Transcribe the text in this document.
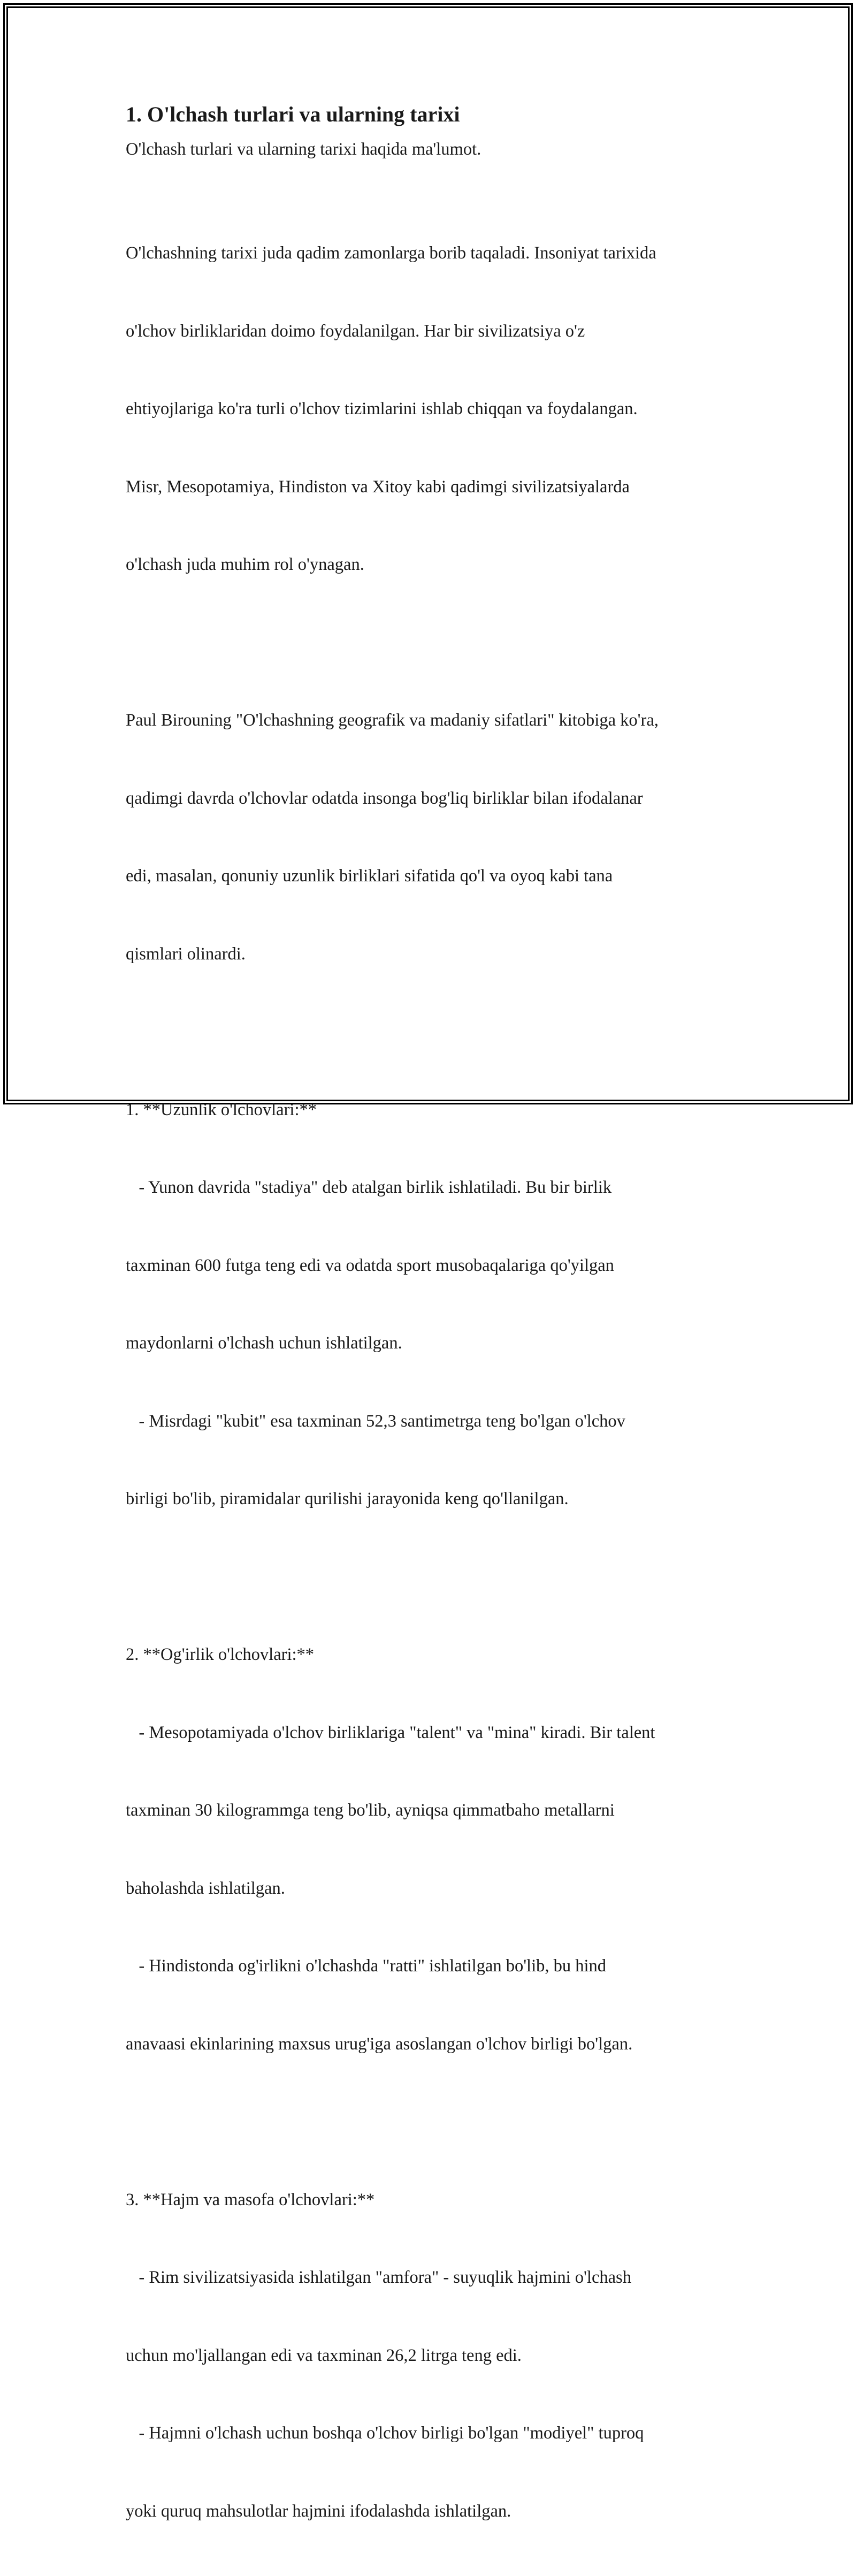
1. O'lchash turlari va ularning tarixi

O'lchash turlari va ularning tarixi haqida ma'lumot.

O'lchashning tarixi juda qadim zamonlarga borib taqaladi. Insoniyat tarixida

o'lchov birliklaridan doimo foydalanilgan. Har bir sivilizatsiya o'z

ehtiyojlariga ko'ra turli o'lchov tizimlarini ishlab chiqqan va foydalangan.

Misr, Mesopotamiya, Hindiston va Xitoy kabi qadimgi sivilizatsiyalarda

o'lchash juda muhim rol o'ynagan.

Paul Birouning "O'lchashning geografik va madaniy sifatlari" kitobiga ko'ra,

qadimgi davrda o'lchovlar odatda insonga bog'liq birliklar bilan ifodalanar

edi, masalan, qonuniy uzunlik birliklari sifatida qo'l va oyoq kabi tana

qismlari olinardi.

1. **Uzunlik o'lchovlari:**

- Yunon davrida "stadiya" deb atalgan birlik ishlatiladi. Bu bir birlik

taxminan 600 futga teng edi va odatda sport musobaqalariga qo'yilgan

maydonlarni o'lchash uchun ishlatilgan.

- Misrdagi "kubit" esa taxminan 52,3 santimetrga teng bo'lgan o'lchov

birligi bo'lib, piramidalar qurilishi jarayonida keng qo'llanilgan.

2. **Og'irlik o'lchovlari:**

- Mesopotamiyada o'lchov birliklariga "talent" va "mina" kiradi. Bir talent

taxminan 30 kilogrammga teng bo'lib, ayniqsa qimmatbaho metallarni

baholashda ishlatilgan.

- Hindistonda og'irlikni o'lchashda "ratti" ishlatilgan bo'lib, bu hind

anavaasi ekinlarining maxsus urug'iga asoslangan o'lchov birligi bo'lgan.

3. **Hajm va masofa o'lchovlari:**

- Rim sivilizatsiyasida ishlatilgan "amfora" - suyuqlik hajmini o'lchash

uchun mo'ljallangan edi va taxminan 26,2 litrga teng edi.

- Hajmni o'lchash uchun boshqa o'lchov birligi bo'lgan "modiyel" tuproq

yoki quruq mahsulotlar hajmini ifodalashda ishlatilgan.
